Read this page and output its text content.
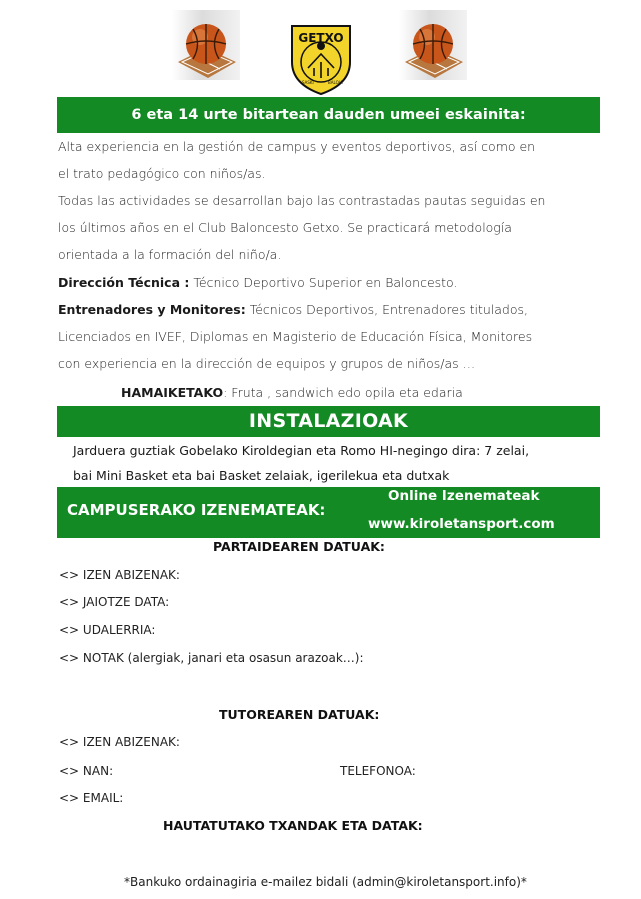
GETXO
SASKI	BALOIA
6 eta 14 urte bitartean dauden umeei eskainita:
Alta experiencia en la gestión de campus y eventos deportivos, así como en
el trato pedagógico con niños/as.
Todas las actividades se desarrollan bajo las contrastadas pautas seguidas en
los últimos años en el Club Baloncesto Getxo. Se practicará metodología
orientada a la formación del niño/a.
Dirección Técnica : Técnico Deportivo Superior en Baloncesto.
Entrenadores y Monitores: Técnicos Deportivos, Entrenadores titulados,
Licenciados en IVEF, Diplomas en Magisterio de Educación Física, Monitores
con experiencia en la dirección de equipos y grupos de niños/as …
HAMAIKETAKO: Fruta , sandwich edo opila eta edaria
INSTALAZIOAK
Jarduera guztiak Gobelako Kiroldegian eta Romo HI-negingo dira: 7 zelai,
bai Mini Basket eta bai Basket zelaiak, igerilekua eta dutxak
CAMPUSERAKO IZENEMATEAK:
Online Izenemateak
www.kiroletansport.com
PARTAIDEAREN DATUAK:
<> IZEN ABIZENAK:
<> JAIOTZE DATA:
<> UDALERRIA:
<> NOTAK (alergiak, janari eta osasun arazoak…):
TUTOREAREN DATUAK:
<> IZEN ABIZENAK:
<> NAN:	TELEFONOA:
<> EMAIL:
HAUTATUTAKO TXANDAK ETA DATAK:
*Bankuko ordainagiria e-mailez bidali (admin@kiroletansport.info)*
